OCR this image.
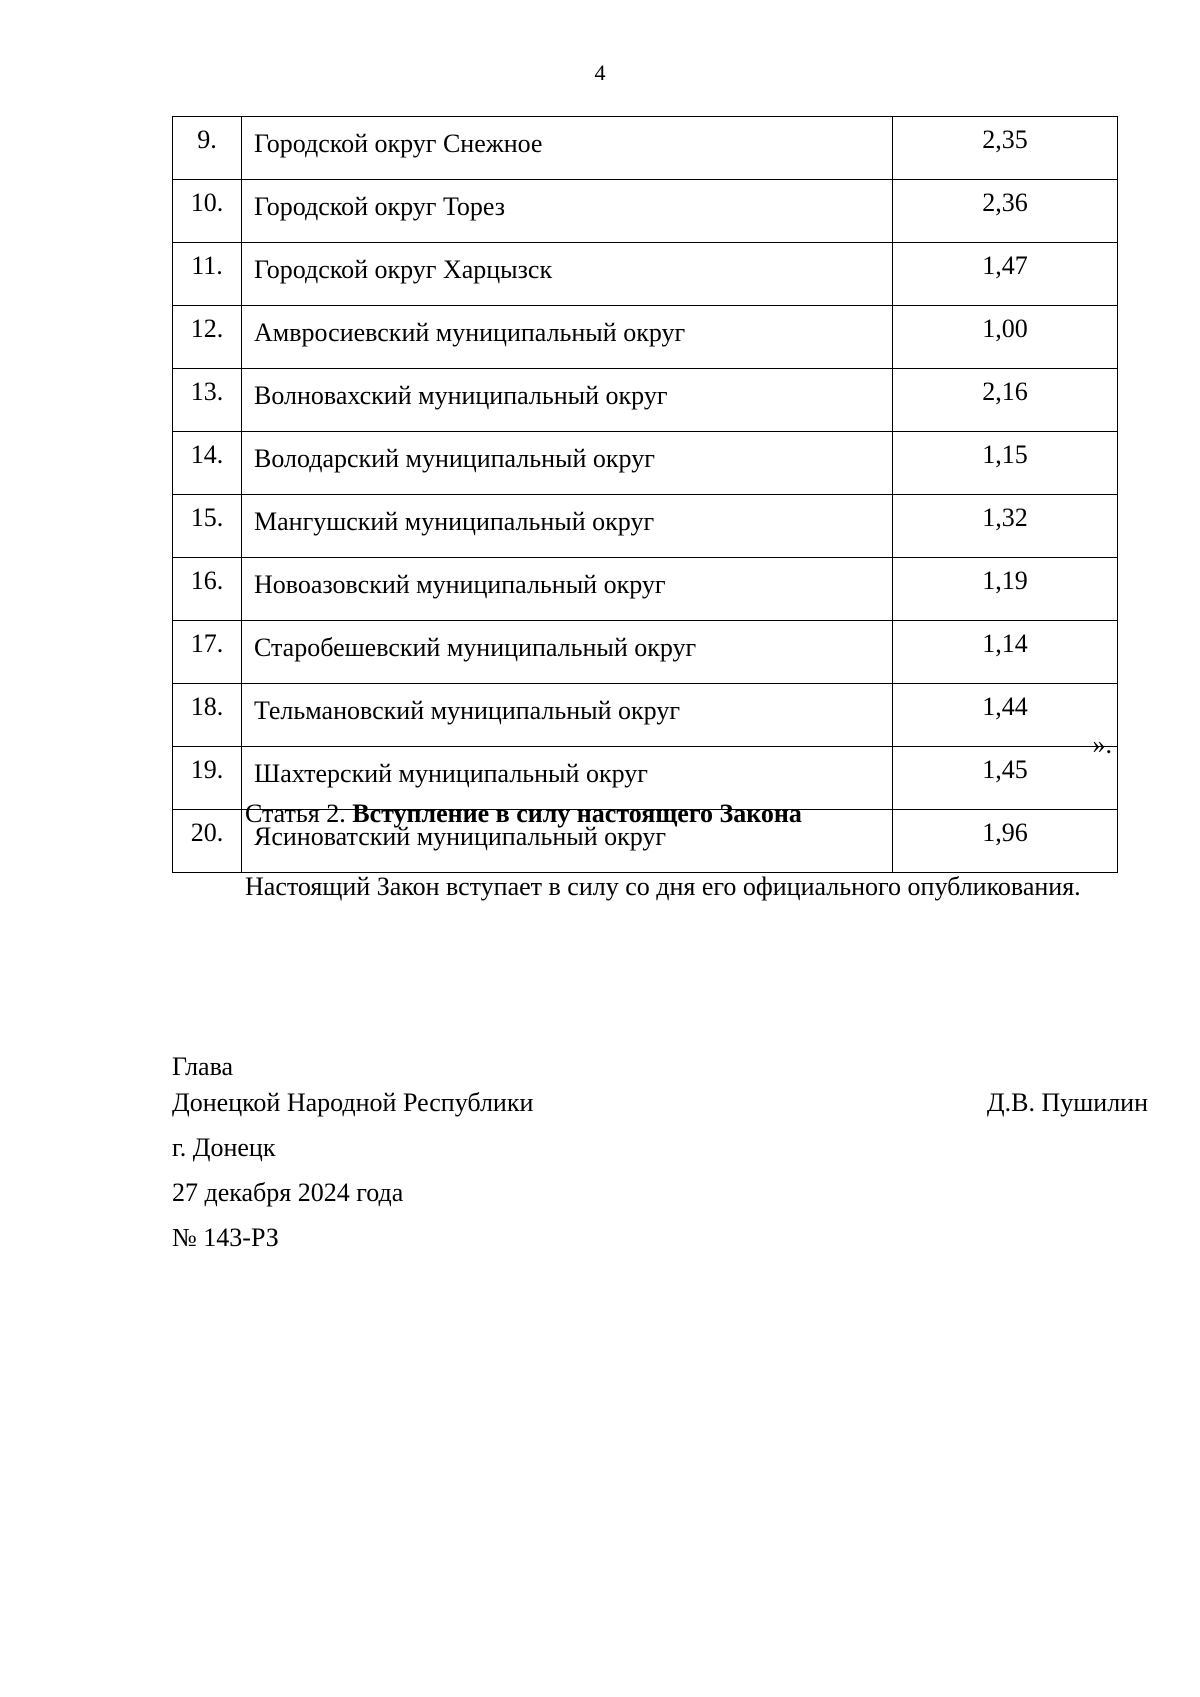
4
9.	Городской округ Снежное	2,35
10.	Городской округ Торез	2,36
11.	Городской округ Харцызск	1,47
12.	Амвросиевский муниципальный округ	1,00
13.	Волновахский муниципальный округ	2,16
14.	Володарский муниципальный округ	1,15
15.	Мангушский муниципальный округ	1,32
16.	Новоазовский муниципальный округ	1,19
17.	Старобешевский муниципальный округ	1,14
18.	Тельмановский муниципальный округ	1,44
19.	Шахтерский муниципальный округ	1,45
20.	Ясиноватский муниципальный округ	1,96
».
Статья 2. Вступление в силу настоящего Закона
Настоящий Закон вступает в силу со дня его официального опубликования.
Глава
Донецкой Народной Республики	Д.В. Пушилин
г. Донецк
27 декабря 2024 года
№ 143-РЗ
